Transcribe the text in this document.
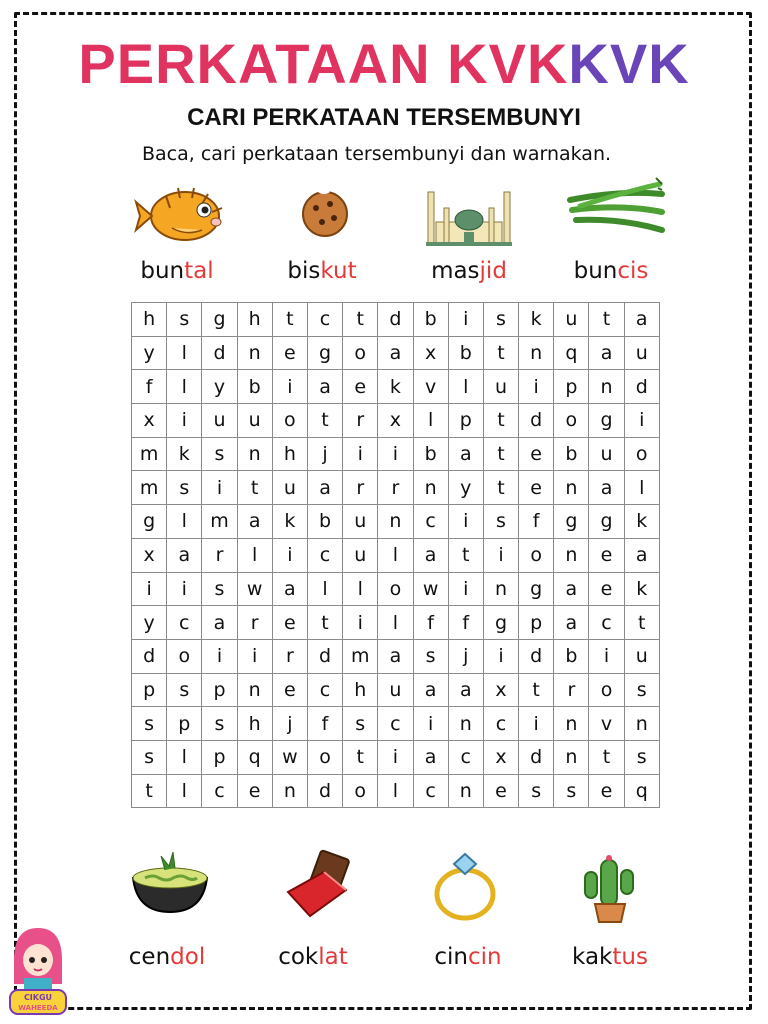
PERKATAAN KVKKVK
CARI PERKATAAN TERSEMBUNYI
Baca, cari perkataan tersembunyi dan warnakan.
buntal	biskut	masjid	buncis
h	s	g	h	t	c	t	d	b	i	s	k	u	t	a
y	l	d	n	e	g	o	a	x	b	t	n	q	a	u
f	l	y	b	i	a	e	k	v	l	u	i	p	n	d
x	i	u	u	o	t	r	x	l	p	t	d	o	g	i
m	k	s	n	h	j	i	i	b	a	t	e	b	u	o
m	s	i	t	u	a	r	r	n	y	t	e	n	a	l
g	l	m	a	k	b	u	n	c	i	s	f	g	g	k
x	a	r	l	i	c	u	l	a	t	i	o	n	e	a
i	i	s	w	a	l	l	o	w	i	n	g	a	e	k
y	c	a	r	e	t	i	l	f	f	g	p	a	c	t
d	o	i	i	r	d	m	a	s	j	i	d	b	i	u
p	s	p	n	e	c	h	u	a	a	x	t	r	o	s
s	p	s	h	j	f	s	c	i	n	c	i	n	v	n
s	l	p	q	w	o	t	i	a	c	x	d	n	t	s
t	l	c	e	n	d	o	l	c	n	e	s	s	e	q
cendol	coklat	cincin	kaktus
CIKGU
WAHEEDA
